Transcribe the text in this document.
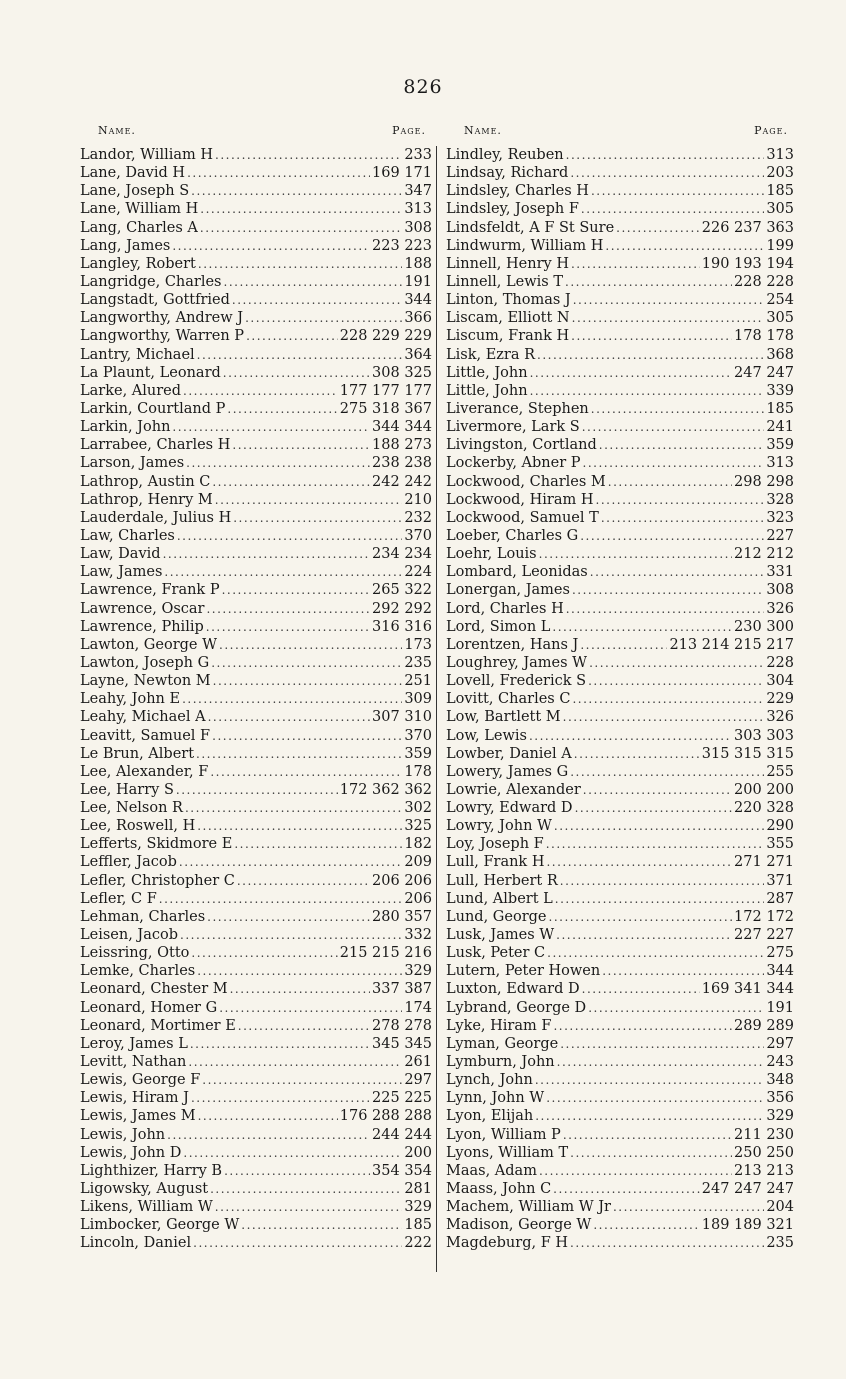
826
Name.	Page.
Landor, William H .....	233
Lane, David H .....	169 171
Lane, Joseph S .....	347
Lane, William H .....	313
Lang, Charles A .....	308
Lang, James .....	223 223
Langley, Robert .....	188
Langridge, Charles .....	191
Langstadt, Gottfried .....	344
Langworthy, Andrew J .....	366
Langworthy, Warren P .....	228 229 229
Lantry, Michael .....	364
La Plaunt, Leonard .....	308 325
Larke, Alured .....	177 177 177
Larkin, Courtland P .....	275 318 367
Larkin, John .....	344 344
Larrabee, Charles H .....	188 273
Larson, James .....	238 238
Lathrop, Austin C .....	242 242
Lathrop, Henry M .....	210
Lauderdale, Julius H .....	232
Law, Charles .....	370
Law, David .....	234 234
Law, James .....	224
Lawrence, Frank P .....	265 322
Lawrence, Oscar .....	292 292
Lawrence, Philip .....	316 316
Lawton, George W .....	173
Lawton, Joseph G .....	235
Layne, Newton M .....	251
Leahy, John E .....	309
Leahy, Michael A .....	307 310
Leavitt, Samuel F .....	370
Le Brun, Albert .....	359
Lee, Alexander, F .....	178
Lee, Harry S .....	172 362 362
Lee, Nelson R .....	302
Lee, Roswell, H .....	325
Lefferts, Skidmore E .....	182
Leffler, Jacob .....	209
Lefler, Christopher C .....	206 206
Lefler, C F .....	206
Lehman, Charles .....	280 357
Leisen, Jacob .....	332
Leissring, Otto .....	215 215 216
Lemke, Charles .....	329
Leonard, Chester M .....	337 387
Leonard, Homer G .....	174
Leonard, Mortimer E .....	278 278
Leroy, James L .....	345 345
Levitt, Nathan .....	261
Lewis, George F .....	297
Lewis, Hiram J .....	225 225
Lewis, James M .....	176 288 288
Lewis, John .....	244 244
Lewis, John D .....	200
Lighthizer, Harry B .....	354 354
Ligowsky, August .....	281
Likens, William W .....	329
Limbocker, George W .....	185
Lincoln, Daniel .....	222
Name.	Page.
Lindley, Reuben .....	313
Lindsay, Richard .....	203
Lindsley, Charles H .....	185
Lindsley, Joseph F .....	305
Lindsfeldt, A F St Sure .....	226 237 363
Lindwurm, William H .....	199
Linnell, Henry H .....	190 193 194
Linnell, Lewis T .....	228 228
Linton, Thomas J .....	254
Liscam, Elliott N .....	305
Liscum, Frank H .....	178 178
Lisk, Ezra R .....	368
Little, John .....	247 247
Little, John .....	339
Liverance, Stephen .....	185
Livermore, Lark S .....	241
Livingston, Cortland .....	359
Lockerby, Abner P .....	313
Lockwood, Charles M .....	298 298
Lockwood, Hiram H .....	328
Lockwood, Samuel T .....	323
Loeber, Charles G .....	227
Loehr, Louis .....	212 212
Lombard, Leonidas .....	331
Lonergan, James .....	308
Lord, Charles H .....	326
Lord, Simon L .....	230 300
Lorentzen, Hans J .....	213 214 215 217
Loughrey, James W .....	228
Lovell, Frederick S .....	304
Lovitt, Charles C .....	229
Low, Bartlett M .....	326
Low, Lewis .....	303 303
Lowber, Daniel A .....	315 315 315
Lowery, James G .....	255
Lowrie, Alexander .....	200 200
Lowry, Edward D .....	220 328
Lowry, John W .....	290
Loy, Joseph F .....	355
Lull, Frank H .....	271 271
Lull, Herbert R .....	371
Lund, Albert L .....	287
Lund, George .....	172 172
Lusk, James W .....	227 227
Lusk, Peter C .....	275
Lutern, Peter Howen .....	344
Luxton, Edward D .....	169 341 344
Lybrand, George D .....	191
Lyke, Hiram F .....	289 289
Lyman, George .....	297
Lymburn, John .....	243
Lynch, John .....	348
Lynn, John W .....	356
Lyon, Elijah .....	329
Lyon, William P .....	211 230
Lyons, William T .....	250 250
Maas, Adam .....	213 213
Maass, John C .....	247 247 247
Machem, William W Jr .....	204
Madison, George W .....	189 189 321
Magdeburg, F H .....	235
